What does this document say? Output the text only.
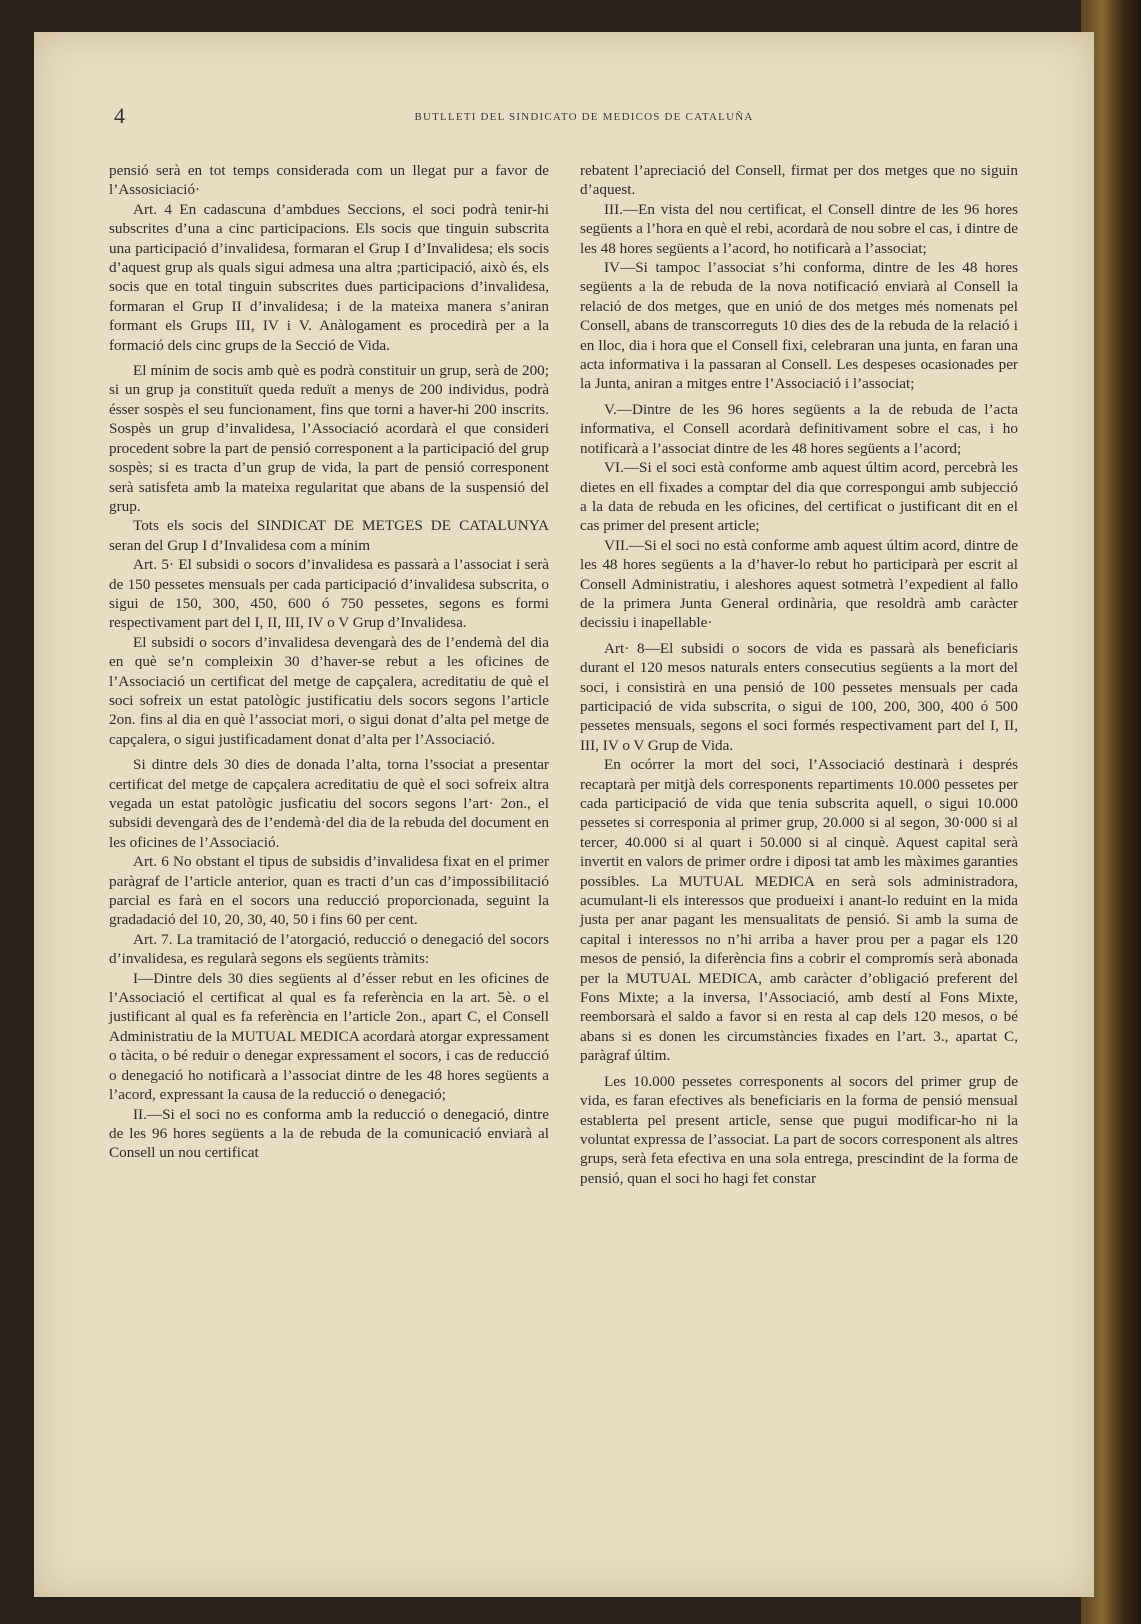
4	BUTLLETI DEL SINDICATO DE MEDICOS DE CATALUÑA

pensió serà en tot temps considerada com un llegat pur a favor de l’Assosiciació·

Art. 4 En cadascuna d’ambdues Seccions, el soci podrà tenir-hi subscrites d’una a cinc participacions. Els socis que tinguin subscrita una participació d’invalidesa, formaran el Grup I d’Invalidesa; els socis d’aquest grup als quals sigui admesa una altra ;participació, això és, els socis que en total tinguin subscrites dues participacions d’invalidesa, formaran el Grup II d’invalidesa; i de la mateixa manera s’aniran formant els Grups III, IV i V. Anàlogament es procedirà per a la formació dels cinc grups de la Secció de Vida.

El mínim de socis amb què es podrà constituir un grup, serà de 200; si un grup ja constituït queda reduït a menys de 200 individus, podrà ésser sospès el seu funcionament, fins que torni a haver-hi 200 inscrits. Sospès un grup d’invalidesa, l’Associació acordarà el que consideri procedent sobre la part de pensió corresponent a la participació del grup sospès; si es tracta d’un grup de vida, la part de pensió corresponent serà satisfeta amb la mateixa regularitat que abans de la suspensió del grup.

Tots els socis del SINDICAT DE METGES DE CATALUNYA seran del Grup I d’Invalidesa com a mínim

Art. 5· El subsidi o socors d’invalidesa es passarà a l’associat i serà de 150 pessetes mensuals per cada participació d’invalidesa subscrita, o sigui de 150, 300, 450, 600 ó 750 pessetes, segons es formi respectivament part del I, II, III, IV o V Grup d’Invalidesa.

El subsidi o socors d’invalidesa devengarà des de l’endemà del dia en què se’n compleixin 30 d’haver-se rebut a les oficines de l’Associació un certificat del metge de capçalera, acreditatiu de què el soci sofreix un estat patològic justificatiu dels socors segons l’article 2on. fins al dia en què l’associat mori, o sigui donat d’alta pel metge de capçalera, o sigui justificadament donat d’alta per l’Associació.

Si dintre dels 30 dies de donada l’alta, torna l’ssociat a presentar certificat del metge de capçalera acreditatiu de què el soci sofreix altra vegada un estat patològic jusficatiu del socors segons l’art· 2on., el subsidi devengarà des de l’endemà·del dia de la rebuda del document en les oficines de l’Associació.

Art. 6 No obstant el tipus de subsidis d’invalidesa fixat en el primer paràgraf de l’article anterior, quan es tracti d’un cas d’impossibilitació parcial es farà en el socors una reducció proporcionada, seguint la gradadació del 10, 20, 30, 40, 50 i fins 60 per cent.

Art. 7. La tramitació de l’atorgació, reducció o denegació del socors d’invalidesa, es regularà segons els següents tràmits:

I—Dintre dels 30 dies següents al d’ésser rebut en les oficines de l’Associació el certificat al qual es fa referència en la art. 5è. o el justificant al qual es fa referència en l’article 2on., apart C, el Consell Administratiu de la MUTUAL MEDICA acordarà atorgar expressament o tàcita, o bé reduir o denegar expressament el socors, i cas de reducció o denegació ho notificarà a l’associat dintre de les 48 hores següents a l’acord, expressant la causa de la reducció o denegació;

II.—Si el soci no es conforma amb la reducció o denegació, dintre de les 96 hores següents a la de rebuda de la comunicació enviarà al Consell un nou certificat

rebatent l’apreciació del Consell, firmat per dos metges que no siguin d’aquest.

III.—En vista del nou certificat, el Consell dintre de les 96 hores següents a l’hora en què el rebi, acordarà de nou sobre el cas, i dintre de les 48 hores següents a l’acord, ho notificarà a l’associat;

IV—Si tampoc l’associat s’hi conforma, dintre de les 48 hores següents a la de rebuda de la nova notificació enviarà al Consell la relació de dos metges, que en unió de dos metges més nomenats pel Consell, abans de transcorreguts 10 dies des de la rebuda de la relació i en lloc, dia i hora que el Consell fixi, celebraran una junta, en faran una acta informativa i la passaran al Consell. Les despeses ocasionades per la Junta, aniran a mitges entre l’Associació i l’associat;

V.—Dintre de les 96 hores següents a la de rebuda de l’acta informativa, el Consell acordarà definitivament sobre el cas, i ho notificarà a l’associat dintre de les 48 hores següents a l’acord;

VI.—Si el soci està conforme amb aquest últim acord, percebrà les dietes en ell fixades a comptar del dia que correspongui amb subjecció a la data de rebuda en les oficines, del certificat o justificant dit en el cas primer del present article;

VII.—Si el soci no està conforme amb aquest últim acord, dintre de les 48 hores següents a la d’haver-lo rebut ho participarà per escrit al Consell Administratiu, i aleshores aquest sotmetrà l’expedient al fallo de la primera Junta General ordinària, que resoldrà amb caràcter decissiu i inapellable·

Art· 8—El subsidi o socors de vida es passarà als beneficiaris durant el 120 mesos naturals enters consecutius següents a la mort del soci, i consistirà en una pensió de 100 pessetes mensuals per cada participació de vida subscrita, o sigui de 100, 200, 300, 400 ó 500 pessetes mensuals, segons el soci formés respectivament part del I, II, III, IV o V Grup de Vida.

En ocórrer la mort del soci, l’Associació destinarà i després recaptarà per mitjà dels corresponents repartiments 10.000 pessetes per cada participació de vida que tenia subscrita aquell, o sigui 10.000 pessetes si corresponia al primer grup, 20.000 si al segon, 30·000 si al tercer, 40.000 si al quart i 50.000 si al cinquè. Aquest capital serà invertit en valors de primer ordre i diposi tat amb les màximes garanties possibles. La MUTUAL MEDICA en serà sols administradora, acumulant-li els interessos que produeixi i anant-lo reduint en la mida justa per anar pagant les mensualitats de pensió. Si amb la suma de capital i interessos no n’hi arriba a haver prou per a pagar els 120 mesos de pensió, la diferència fins a cobrir el compromís serà abonada per la MUTUAL MEDICA, amb caràcter d’obligació preferent del Fons Mixte; a la inversa, l’Associació, amb destí al Fons Mixte, reemborsarà el saldo a favor si en resta al cap dels 120 mesos, o bé abans si es donen les circumstàncies fixades en l’art. 3., apartat C, paràgraf últim.

Les 10.000 pessetes corresponents al socors del primer grup de vida, es faran efectives als beneficiaris en la forma de pensió mensual establerta pel present article, sense que pugui modificar-ho ni la voluntat expressa de l’associat. La part de socors corresponent als altres grups, serà feta efectiva en una sola entrega, prescindint de la forma de pensió, quan el soci ho hagi fet constar
